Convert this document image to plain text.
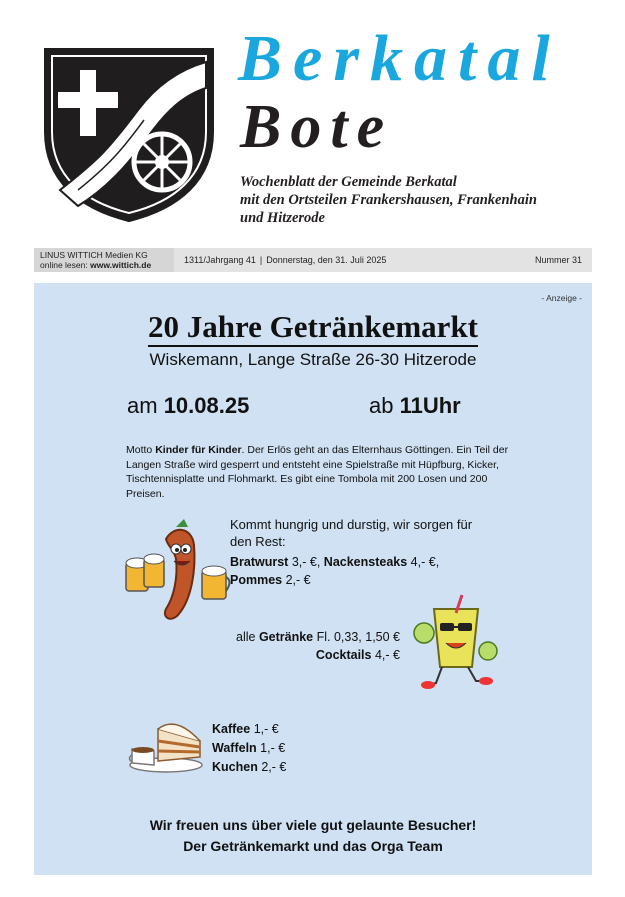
Berkatal
Bote
Wochenblatt der Gemeinde Berkatal
mit den Ortsteilen Frankershausen, Frankenhain
und Hitzerode
LINUS WITTICH Medien KG
online lesen: www.wittich.de	1311/Jahrgang 41 | Donnerstag, den 31. Juli 2025	Nummer 31
- Anzeige -
20 Jahre Getränkemarkt
Wiskemann, Lange Straße 26-30 Hitzerode
am 10.08.25	ab 11Uhr
Motto Kinder für Kinder. Der Erlös geht an das Elternhaus Göttingen. Ein Teil der Langen Straße wird gesperrt und entsteht eine Spielstraße mit Hüpfburg, Kicker, Tischtennisplatte und Flohmarkt. Es gibt eine Tombola mit 200 Losen und 200 Preisen.
Kommt hungrig und durstig, wir sorgen für
den Rest:
Bratwurst 3,- €, Nackensteaks 4,- €,
Pommes 2,- €
alle Getränke Fl. 0,33, 1,50 €
Cocktails 4,- €
Kaffee 1,- €
Waffeln 1,- €
Kuchen 2,- €
Wir freuen uns über viele gut gelaunte Besucher!
Der Getränkemarkt und das Orga Team
